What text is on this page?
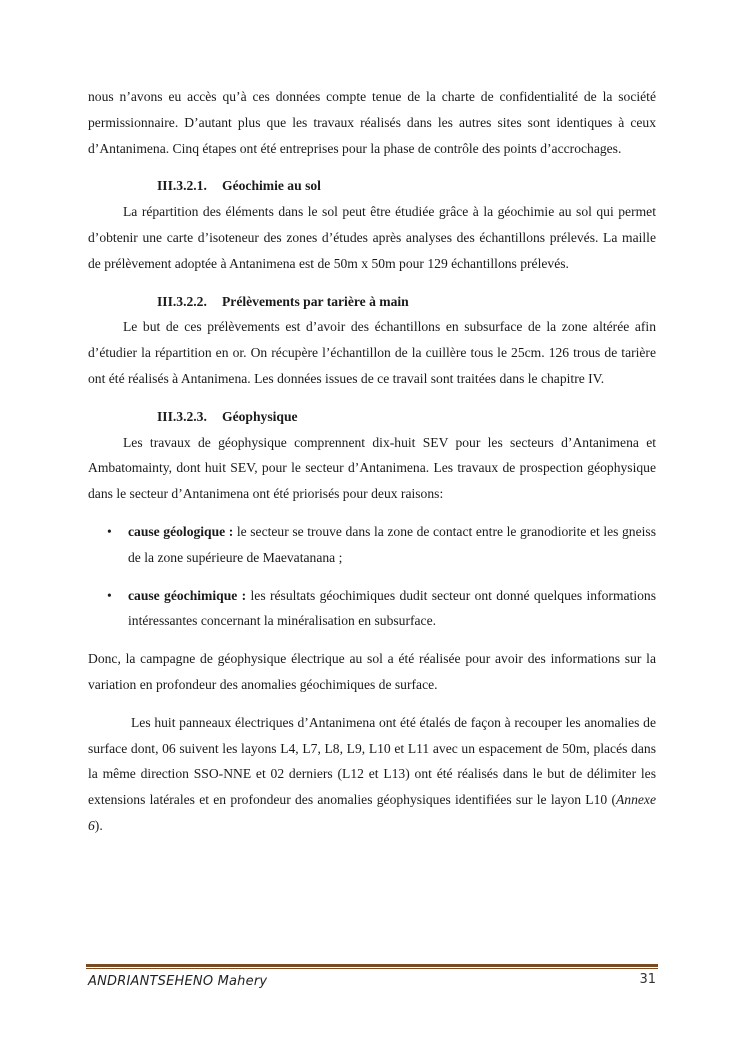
nous n’avons eu accès qu’à ces données compte tenue de la charte de confidentialité de la société permissionnaire. D’autant plus que les travaux réalisés dans les autres sites sont identiques à ceux d’Antanimena. Cinq étapes ont été entreprises pour la phase de contrôle des points d’accrochages.

III.3.2.1. Géochimie au sol

La répartition des éléments dans le sol peut être étudiée grâce à la géochimie au sol qui permet d’obtenir une carte d’isoteneur des zones d’études après analyses des échantillons prélevés. La maille de prélèvement adoptée à Antanimena est de 50m x 50m pour 129 échantillons prélevés.

III.3.2.2. Prélèvements par tarière à main

Le but de ces prélèvements est d’avoir des échantillons en subsurface de la zone altérée afin d’étudier la répartition en or. On récupère l’échantillon de la cuillère tous le 25cm. 126 trous de tarière ont été réalisés à Antanimena. Les données issues de ce travail sont traitées dans le chapitre IV.

III.3.2.3. Géophysique

Les travaux de géophysique comprennent dix-huit SEV pour les secteurs d’Antanimena et Ambatomainty, dont huit SEV, pour le secteur d’Antanimena. Les travaux de prospection géophysique dans le secteur d’Antanimena ont été priorisés pour deux raisons:

• cause géologique : le secteur se trouve dans la zone de contact entre le granodiorite et les gneiss de la zone supérieure de Maevatanana ;
• cause géochimique : les résultats géochimiques dudit secteur ont donné quelques informations intéressantes concernant la minéralisation en subsurface.

Donc, la campagne de géophysique électrique au sol a été réalisée pour avoir des informations sur la variation en profondeur des anomalies géochimiques de surface.

Les huit panneaux électriques d’Antanimena ont été étalés de façon à recouper les anomalies de surface dont, 06 suivent les layons L4, L7, L8, L9, L10 et L11 avec un espacement de 50m, placés dans la même direction SSO-NNE et 02 derniers (L12 et L13) ont été réalisés dans le but de délimiter les extensions latérales et en profondeur des anomalies géophysiques identifiées sur le layon L10 (Annexe 6).

ANDRIANTSEHENO Mahery	31
